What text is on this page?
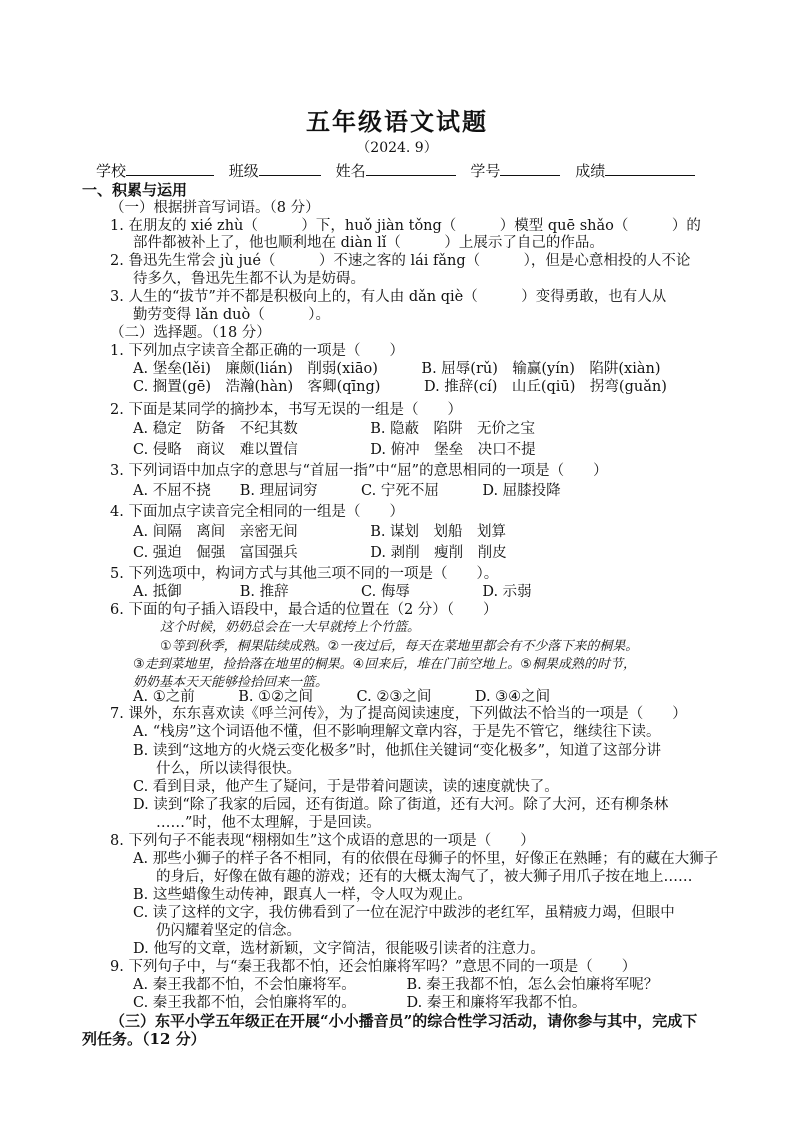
五年级语文试题
（2024. 9）
学校	班级	姓名	学号	成绩
一、积累与运用
（一）根据拼音写词语。（8 分）
1. 在朋友的 xié zhù（　　　）下，huǒ jiàn tǒng（　　　）模型 quē shǎo（　　　）的
部件都被补上了，他也顺利地在 diàn lǐ（　　　）上展示了自己的作品。
2. 鲁迅先生常会 jù jué（　　　）不速之客的 lái fǎng（　　　），但是心意相投的人不论
待多久，鲁迅先生都不认为是妨碍。
3. 人生的“拔节”并不都是积极向上的，有人由 dǎn qiè（　　　）变得勇敢，也有人从
勤劳变得 lǎn duò（　　　）。
（二）选择题。（18 分）
1. 下列加点字读音全都正确的一项是（　　）
A. 堡垒(lěi)　廉颇(lián)　削弱(xiāo)　　　B. 屈辱(rǔ)　输赢(yín)　陷阱(xiàn)
C. 搁置(gē)　浩瀚(hàn)　客卿(qīng)　　　D. 推辞(cí)　山丘(qiū)　拐弯(guǎn)
2. 下面是某同学的摘抄本，书写无误的一组是（　　）
A. 稳定　防备　不纪其数　　　　　B. 隐蔽　陷阱　无价之宝
C. 侵略　商议　难以置信　　　　　D. 俯冲　堡垒　决口不提
3. 下列词语中加点字的意思与“首屈一指”中“屈”的意思相同的一项是（　　）
A. 不屈不挠　　B. 理屈词穷　　　C. 宁死不屈　　　D. 屈膝投降
4. 下面加点字读音完全相同的一组是（　　）
A. 间隔　离间　亲密无间　　　　　B. 谋划　划船　划算
C. 强迫　倔强　富国强兵　　　　　D. 剥削　瘦削　削皮
5. 下列选项中，构词方式与其他三项不同的一项是（　　）。
A. 抵御　　　　B. 推辞　　　　　C. 侮辱　　　　　D. 示弱
6. 下面的句子插入语段中，最合适的位置在（2 分）（　　）
这个时候，奶奶总会在一大早就挎上个竹篮。
①等到秋季，桐果陆续成熟。②一夜过后，每天在菜地里都会有不少落下来的桐果。
③走到菜地里，捡拾落在地里的桐果。④回来后，堆在门前空地上。⑤桐果成熟的时节，
奶奶基本天天能够捡拾回来一篮。
A. ①之前　　　B. ①②之间　　　C. ②③之间　　　D. ③④之间
7. 课外，东东喜欢读《呼兰河传》，为了提高阅读速度，下列做法不恰当的一项是（　　）
A. “栈房”这个词语他不懂，但不影响理解文章内容，于是先不管它，继续往下读。
B. 读到“这地方的火烧云变化极多”时，他抓住关键词“变化极多”，知道了这部分讲
什么，所以读得很快。
C. 看到目录，他产生了疑问，于是带着问题读，读的速度就快了。
D. 读到“除了我家的后园，还有街道。除了街道，还有大河。除了大河，还有柳条林
……”时，他不太理解，于是回读。
8. 下列句子不能表现“栩栩如生”这个成语的意思的一项是（　　）
A. 那些小狮子的样子各不相同，有的依偎在母狮子的怀里，好像正在熟睡；有的藏在大狮子
的身后，好像在做有趣的游戏；还有的大概太淘气了，被大狮子用爪子按在地上……
B. 这些蜡像生动传神，跟真人一样，令人叹为观止。
C. 读了这样的文字，我仿佛看到了一位在泥泞中跋涉的老红军，虽精疲力竭，但眼中
仍闪耀着坚定的信念。
D. 他写的文章，选材新颖，文字简洁，很能吸引读者的注意力。
9. 下列句子中，与“秦王我都不怕，还会怕廉将军吗？”意思不同的一项是（　　）
A. 秦王我都不怕，不会怕廉将军。　　　　B. 秦王我都不怕，怎么会怕廉将军呢？
C. 秦王我都不怕，会怕廉将军的。　　　　D. 秦王和廉将军我都不怕。
（三）东平小学五年级正在开展“小小播音员”的综合性学习活动，请你参与其中，完成下
列任务。（12 分）
